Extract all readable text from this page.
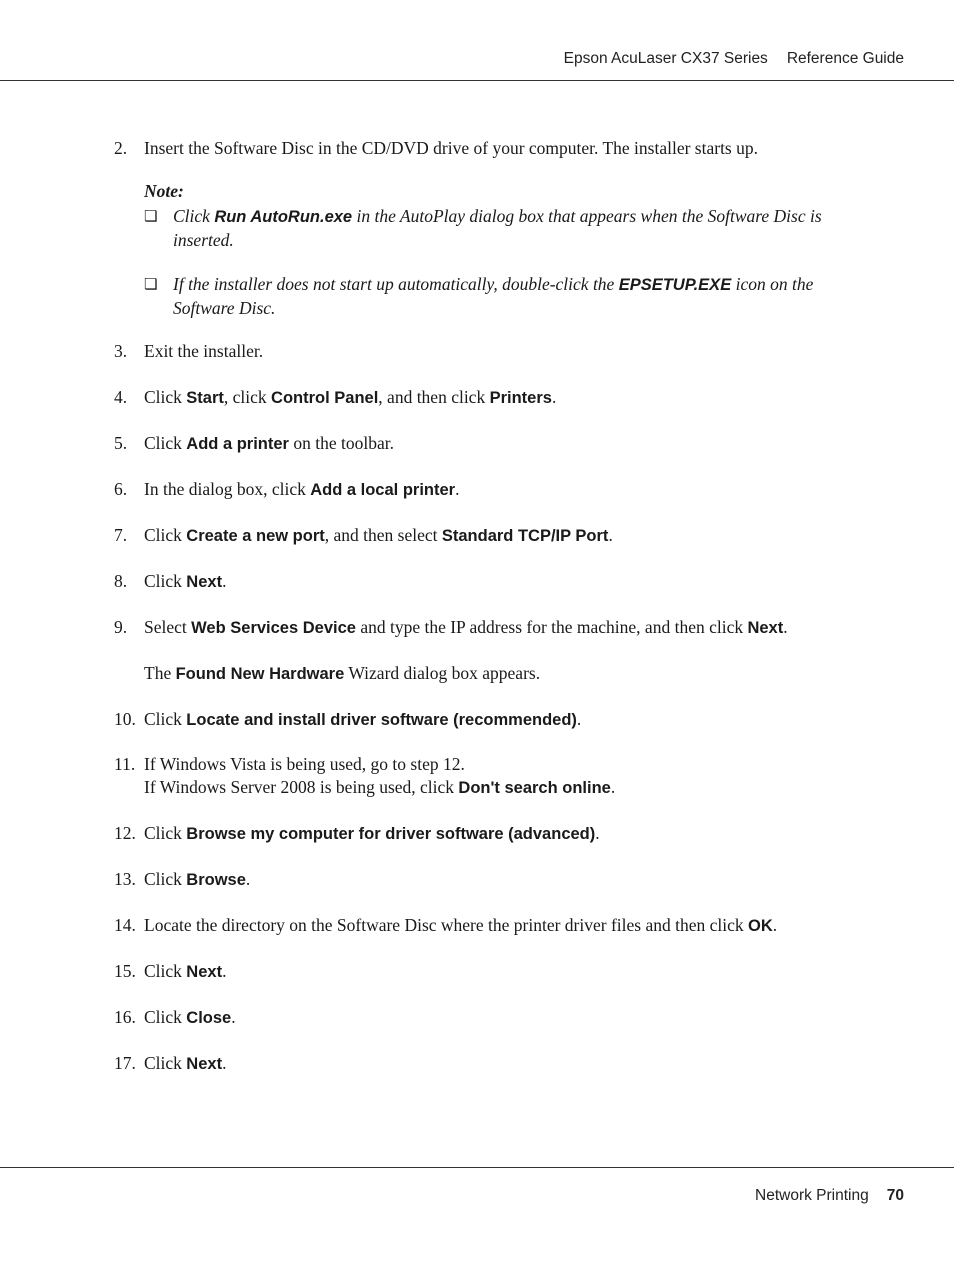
Epson AcuLaser CX37 Series Reference Guide
2. Insert the Software Disc in the CD/DVD drive of your computer. The installer starts up.
Note:
❏ Click Run AutoRun.exe in the AutoPlay dialog box that appears when the Software Disc is inserted.
❏ If the installer does not start up automatically, double-click the EPSETUP.EXE icon on the Software Disc.
3. Exit the installer.
4. Click Start, click Control Panel, and then click Printers.
5. Click Add a printer on the toolbar.
6. In the dialog box, click Add a local printer.
7. Click Create a new port, and then select Standard TCP/IP Port.
8. Click Next.
9. Select Web Services Device and type the IP address for the machine, and then click Next.
The Found New Hardware Wizard dialog box appears.
10. Click Locate and install driver software (recommended).
11. If Windows Vista is being used, go to step 12.
If Windows Server 2008 is being used, click Don't search online.
12. Click Browse my computer for driver software (advanced).
13. Click Browse.
14. Locate the directory on the Software Disc where the printer driver files and then click OK.
15. Click Next.
16. Click Close.
17. Click Next.
Network Printing 70
